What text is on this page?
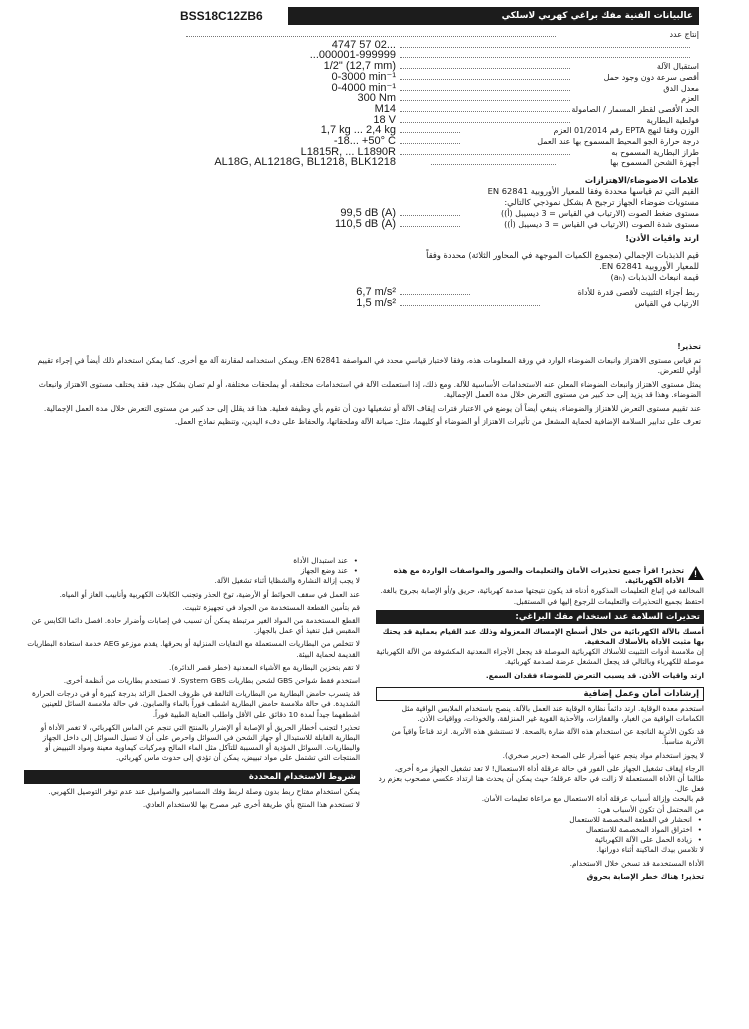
BSS18C12ZB6	عالبيانات الفنية مفك براغي كهربي لاسلكي
إنتاج عدد
4747 57 02...
...000001-999999
1/2" (12,7 mm)	استقبال الآلة
0-3000 min⁻¹	أقصى سرعة دون وجود حمل
0-4000 min⁻¹	معدل الدق
300 Nm	العزم
M14	الحد الأقصى لقطر المسمار / الصامولة
18 V	فولطية البطارية
1,7 kg ... 2,4 kg	الوزن وفقا لنهج EPTA رقم 01/2014 العزم
-18... +50° C	درجة حرارة الجو المحيط المسموح بها عند العمل
L1815R, ... L1890R	طراز البطارية المسموح به
AL18G, AL1218G, BL1218, BLK1218	أجهزة الشحن المسموح بها
علامات الاضوضاء/الاهتزازات
القيم التي تم قياسها محددة وفقا للمعيار الأوروبية EN 62841
مستويات ضوضاء الجهاز ترجيح A بشكل نموذجي كالتالي:
99,5 dB (A)	مستوى ضغط الصوت (الارتياب في القياس = 3 ديسيبل (أ))
110,5 dB (A)	مستوى شدة الصوت (الارتياب في القياس = 3 ديسيبل (أ))
ارتد واقيات الأذن!
قيم الذبذبات الإجمالي (مجموع الكميات الموجهة في المحاور الثلاثة) محددة وفقاً
للمعيار الأوروبية EN 62841.
قيمة انبعاث الذبذبات (aₕ)
6,7 m/s²	ربط أجزاء التثبيت لأقصى قدرة للأداة
1,5 m/s²	الارتياب في القياس
تحذير!
تم قياس مستوى الاهتزاز وانبعاث الضوضاء الوارد في ورقة المعلومات هذه، وفقا لاختبار قياسي محدد في المواصفة EN 62841، ويمكن استخدامه لمقارنة آلة مع أخرى. كما يمكن استخدام ذلك أيضاً في إجراء تقييم أولي للتعرض.
يمثل مستوى الاهتزاز وانبعاث الضوضاء المعلن عنه الاستخدامات الأساسية للآلة. ومع ذلك، إذا استعملت الآلة في استخدامات مختلفة، أو بملحقات مختلفة، أو لم تصان بشكل جيد، فقد يختلف مستوى الاهتزاز وانبعاث الضوضاء. وهذا قد يزيد إلى حد كبير من مستوى التعرض خلال مدة العمل الإجمالية.
عند تقييم مستوى التعرض للاهتزاز والضوضاء، ينبغي أيضاً أن يوضع في الاعتبار فترات إيقاف الآلة أو تشغيلها دون أن تقوم بأي وظيفة فعلية. هذا قد يقلل إلى حد كبير من مستوى التعرض خلال مدة العمل الإجمالية.
تعرف على تدابير السلامة الإضافية لحماية المشغل من تأثيرات الاهتزاز أو الضوضاء أو كليهما، مثل: صيانة الآلة وملحقاتها، والحفاظ على دفء اليدين، وتنظيم نماذج العمل.
!
تحذير! اقرأ جميع تحذيرات الأمان والتعليمات والصور والمواصفات الواردة مع هذه الأداة الكهربائية.
المخالفة في إتباع التعليمات المذكورة أدناه قد يكون نتيجتها صدمة كهربائية، حريق و/أو الإصابة بجروح بالغة.
احتفظ بجميع التحذيرات والتعليمات للرجوع إليها في المستقبل.
تحذيرات السلامة عند استخدام مفك البراغي:
أمسك بالآلة الكهربائية من خلال أسطح الإمساك المعزولة وذلك عند القيام بعملية قد يحتك بها مثبت الأداة بالأسلاك المخفية.
إن ملامسة أدوات التثبيت للأسلاك الكهربائية الموصلة قد يجعل الأجزاء المعدنية المكشوفة من الآلة الكهربائية موصلة للكهرباء وبالتالي قد يجعل المشغل عرضة لصدمة كهربائية.
ارتد واقيات الأذن. قد يسبب التعرض للضوضاء فقدان السمع.
إرشادات أمان وعمل إضافية
استخدم معدة الوقاية. ارتد دائماً نظارة الوقاية عند العمل بالآلة. ينصح باستخدام الملابس الواقية مثل الكمامات الواقية من الغبار، والقفازات، والأحذية القوية غير المنزلقة، والخوذات، وواقيات الأذن.
قد تكون الأتربة الناتجة عن استخدام هذه الآلة ضارة بالصحة. لا تستنشق هذه الأتربة. ارتد قناعاً واقياً من الأتربة مناسباً.
لا يجوز استخدام مواد ينجم عنها أضرار على الصحة (حرير صخري).
الرجاء إيقاف تشغيل الجهاز على الفور في حالة عرقلة أداة الاستعمال! لا تعد تشغيل الجهاز مرة أخرى، طالما أن الأداة المستعملة لا زالت في حالة عرقلة؛ حيث يمكن أن يحدث هنا ارتداد عكسي مصحوب بعزم رد فعل عال.
قم بالبحث وإزالة أسباب عرقلة أداة الاستعمال مع مراعاة تعليمات الأمان.
من المحتمل أن تكون الأسباب هي:
• انحشار في القطعة المخصصة للاستعمال
• اختراق المواد المخصصة للاستعمال
• زيادة الحمل على الآلة الكهربائية
لا تلامس بيدك الماكينة أثناء دورانها.
الأداة المستخدمة قد تسخن خلال الاستخدام.
تحذير! هناك خطر الإصابة بحروق
• عند استبدال الأداة
• عند وضع الجهاز
لا يجب إزالة النشارة والشظايا أثناء تشغيل الآلة.
عند العمل في سقف الحوائط أو الأرضية، توخ الحذر وتجنب الكابلات الكهربية وأنابيب الغاز أو المياه.
قم بتأمين القطعة المستخدمة من الجواد في تجهيزة تثبيت.
القطع المستخدمة من المواد الغير مرتبطة يمكن أن تسبب في إصابات وأضرار حادة. افصل دائما الكابس عن المقبس قبل تنفيذ أي عمل بالجهاز.
لا تتخلص من البطاريات المستعملة مع النفايات المنزلية أو بحرقها. يقدم موزعو AEG خدمة استعادة البطاريات القديمة لحماية البيئة.
لا تقم بتخزين البطارية مع الأشياء المعدنية (خطر قصر الدائرة).
استخدم فقط شواحن GBS لشحن بطاريات System GBS. لا تستخدم بطاريات من أنظمة أخرى.
قد يتسرب حامض البطارية من البطاريات التالفة في ظروف الحمل الزائد بدرجة كبيرة أو في درجات الحرارة الشديدة. في حالة ملامسة حامض البطارية اشطف فوراً بالماء والصابون. في حالة ملامسة السائل للعينين اشطفهما جيداً لمدة 10 دقائق على الأقل واطلب العناية الطبية فوراً.
تحذير! لتجنب أخطار الحريق أو الإصابة أو الإضرار بالمنتج التي تنجم عن الماس الكهربائي، لا تغمر الأداة أو البطارية القابلة للاستبدال أو جهاز الشحن في السوائل واحرص على أن لا تسيل السوائل إلى داخل الجهاز والبطاريات. السوائل المؤدية أو المسببة للتآكل مثل الماء المالح ومركبات كيماوية معينة ومواد التبييض أو المنتجات التي تشتمل على مواد تبييض، يمكن أن تؤدي إلى حدوث ماس كهربائي.
شروط الاستخدام المحددة
يمكن استخدام مفتاح ربط بدون وصلة لربط وفك المسامير والصواميل عند عدم توفر التوصيل الكهربي.
لا تستخدم هذا المنتج بأي طريقة أخرى غير مصرح بها للاستخدام العادي.
